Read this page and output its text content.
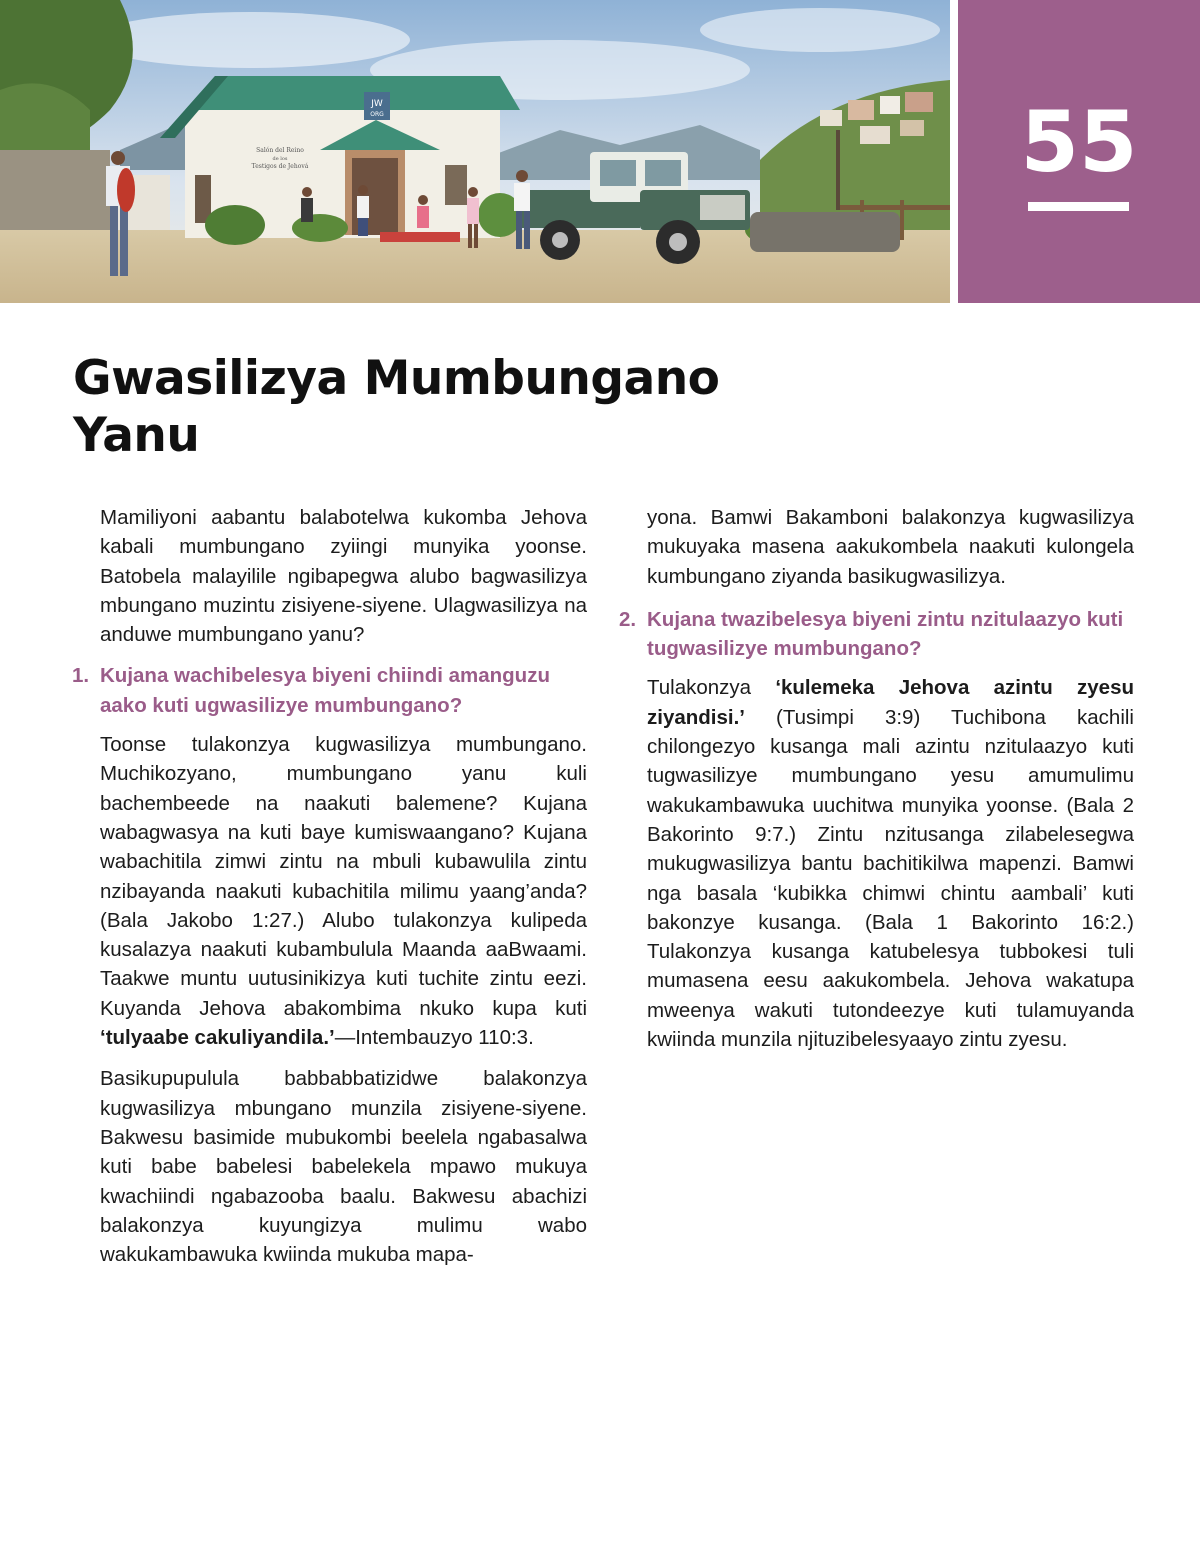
JW
ORG
Salón del Reino
de los
Testigos de Jehová	55
Gwasilizya Mumbungano
Yanu

Mamiliyoni aabantu balabotelwa kukomba Jehova kabali mumbungano zyiingi munyika yoonse. Batobela malayilile ngibapegwa alubo bagwasilizya mbungano muzintu zisiyene-siyene. Ulagwasilizya na anduwe mumbungano yanu?

1. Kujana wachibelesya biyeni chiindi amanguzu aako kuti ugwasilizye mumbungano?

Toonse tulakonzya kugwasilizya mumbungano. Muchikozyano, mumbungano yanu kuli bachembeede na naakuti balemene? Kujana wabagwasya na kuti baye kumiswaangano? Kujana wabachitila zimwi zintu na mbuli kubawulila zintu nzibayanda naakuti kubachitila milimu yaang’anda? (Bala Jakobo 1:27.) Alubo tulakonzya kulipeda kusalazya naakuti kubambulula Maanda aaBwaami. Taakwe muntu uutusinikizya kuti tuchite zintu eezi. Kuyanda Jehova abakombima nkuko kupa kuti ‘tulyaabe cakuliyandila.’—Intembauzyo 110:3.

Basikupupulula babbabbatizidwe balakonzya kugwasilizya mbungano munzila zisiyene-siyene. Bakwesu basimide mubukombi beelela ngabasalwa kuti babe babelesi babelekela mpawo mukuya kwachiindi ngabazooba baalu. Bakwesu abachizi balakonzya kuyungizya mulimu wabo wakukambawuka kwiinda mukuba mapa-

yona. Bamwi Bakamboni balakonzya kugwasilizya mukuyaka masena aakukombela naakuti kulongela kumbungano ziyanda basikugwasilizya.

2. Kujana twazibelesya biyeni zintu nzitulaazyo kuti tugwasilizye mumbungano?

Tulakonzya ‘kulemeka Jehova azintu zyesu ziyandisi.’ (Tusimpi 3:9) Tuchibona kachili chilongezyo kusanga mali azintu nzitulaazyo kuti tugwasilizye mumbungano yesu amumulimu wakukambawuka uuchitwa munyika yoonse. (Bala 2 Bakorinto 9:7.) Zintu nzitusanga zilabelesegwa mukugwasilizya bantu bachitikilwa mapenzi. Bamwi nga basala ‘kubikka chimwi chintu aambali’ kuti bakonzye kusanga. (Bala 1 Bakorinto 16:2.) Tulakonzya kusanga katubelesya tubbokesi tuli mumasena eesu aakukombela. Jehova wakatupa mweenya wakuti tutondeezye kuti tulamuyanda kwiinda munzila njituzibelesyaayo zintu zyesu.
